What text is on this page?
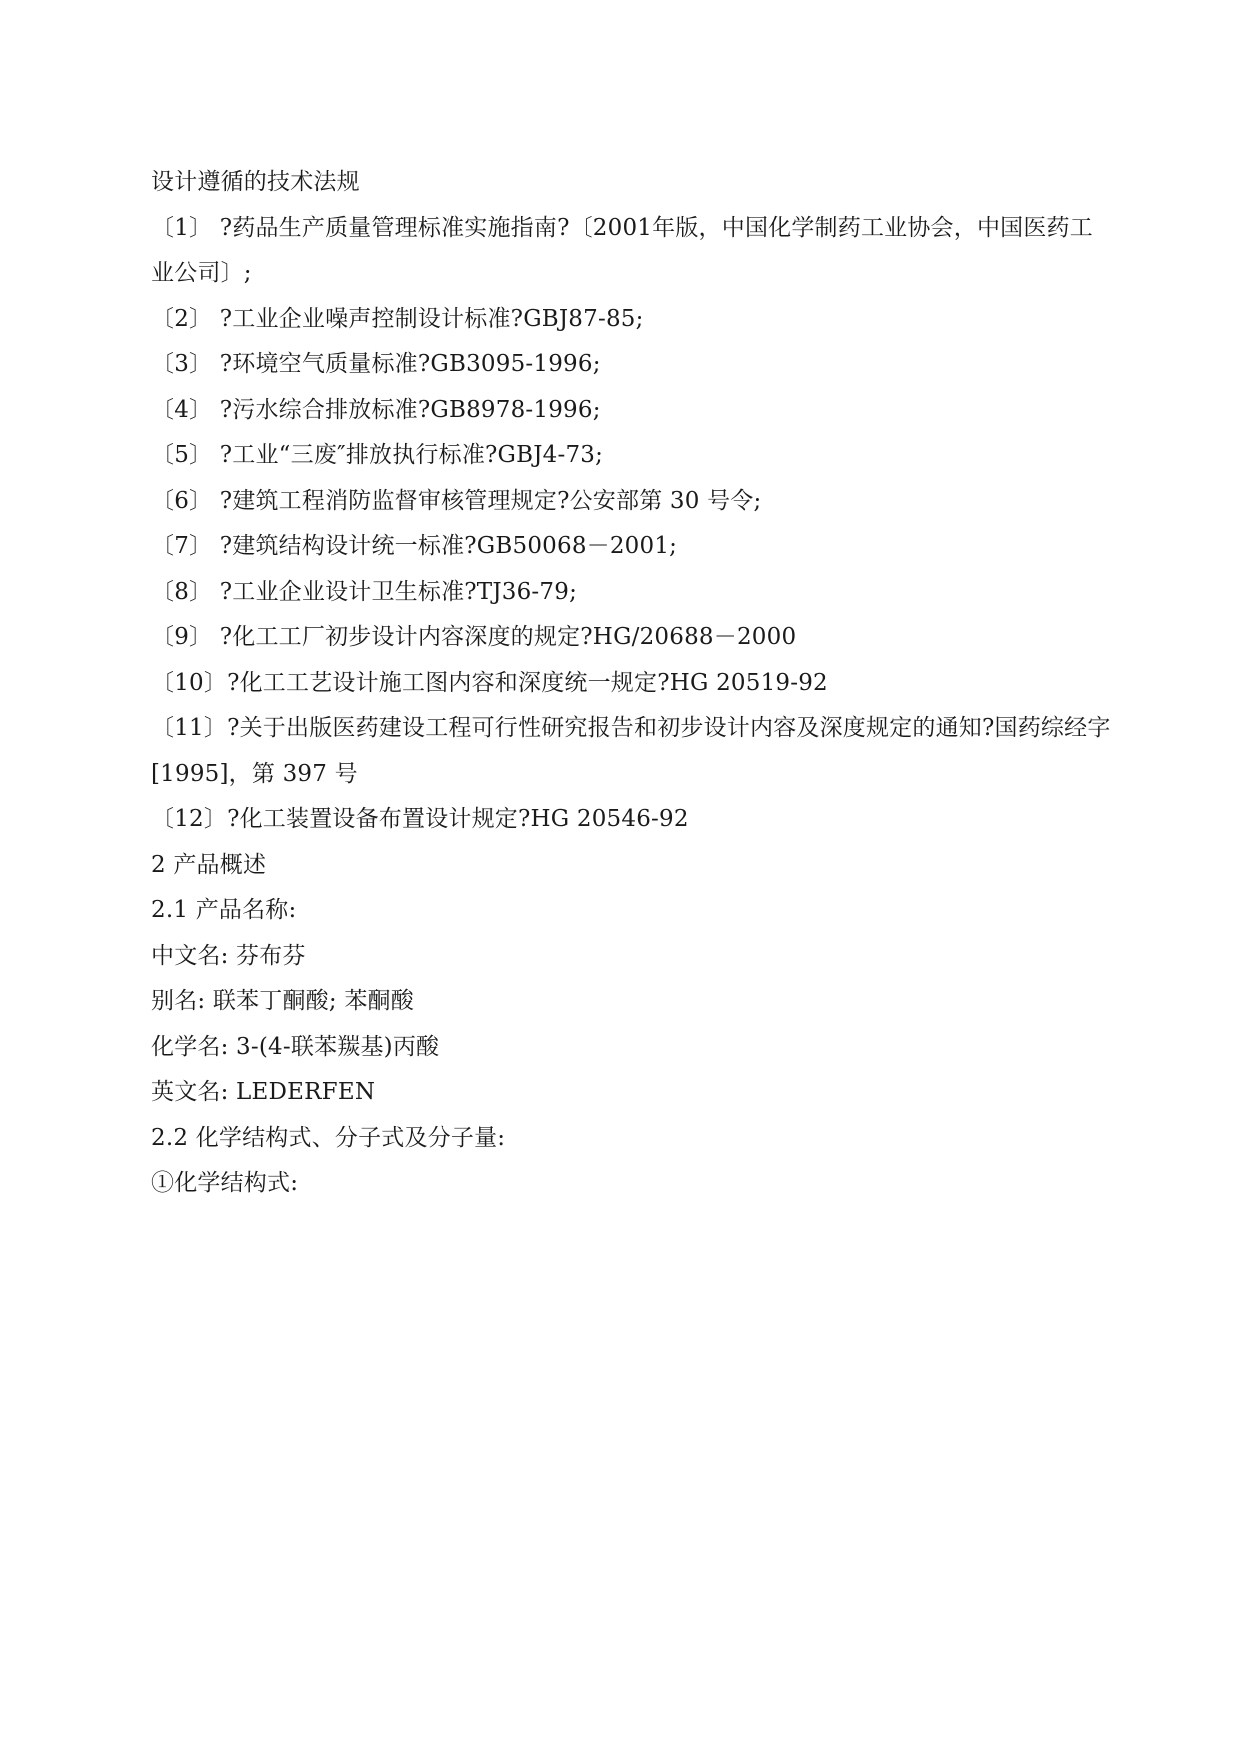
设计遵循的技术法规
〔1〕 ?药品生产质量管理标准实施指南?〔2001年版，中国化学制药工业协会，中国医药工
业公司〕;
〔2〕 ?工业企业噪声控制设计标准?GBJ87-85;
〔3〕 ?环境空气质量标准?GB3095-1996;
〔4〕 ?污水综合排放标准?GB8978-1996;
〔5〕 ?工业“三废″排放执行标准?GBJ4-73;
〔6〕 ?建筑工程消防监督审核管理规定?公安部第 30 号令;
〔7〕 ?建筑结构设计统一标准?GB50068－2001;
〔8〕 ?工业企业设计卫生标准?TJ36-79;
〔9〕 ?化工工厂初步设计内容深度的规定?HG/20688－2000
〔10〕?化工工艺设计施工图内容和深度统一规定?HG 20519-92
〔11〕?关于出版医药建设工程可行性研究报告和初步设计内容及深度规定的通知?国药综经字
[1995]，第 397 号
〔12〕?化工装置设备布置设计规定?HG 20546-92
2 产品概述
2.1 产品名称:
中文名: 芬布芬
别名: 联苯丁酮酸; 苯酮酸
化学名: 3-(4-联苯羰基)丙酸
英文名: LEDERFEN
2.2 化学结构式、分子式及分子量:
①化学结构式:
